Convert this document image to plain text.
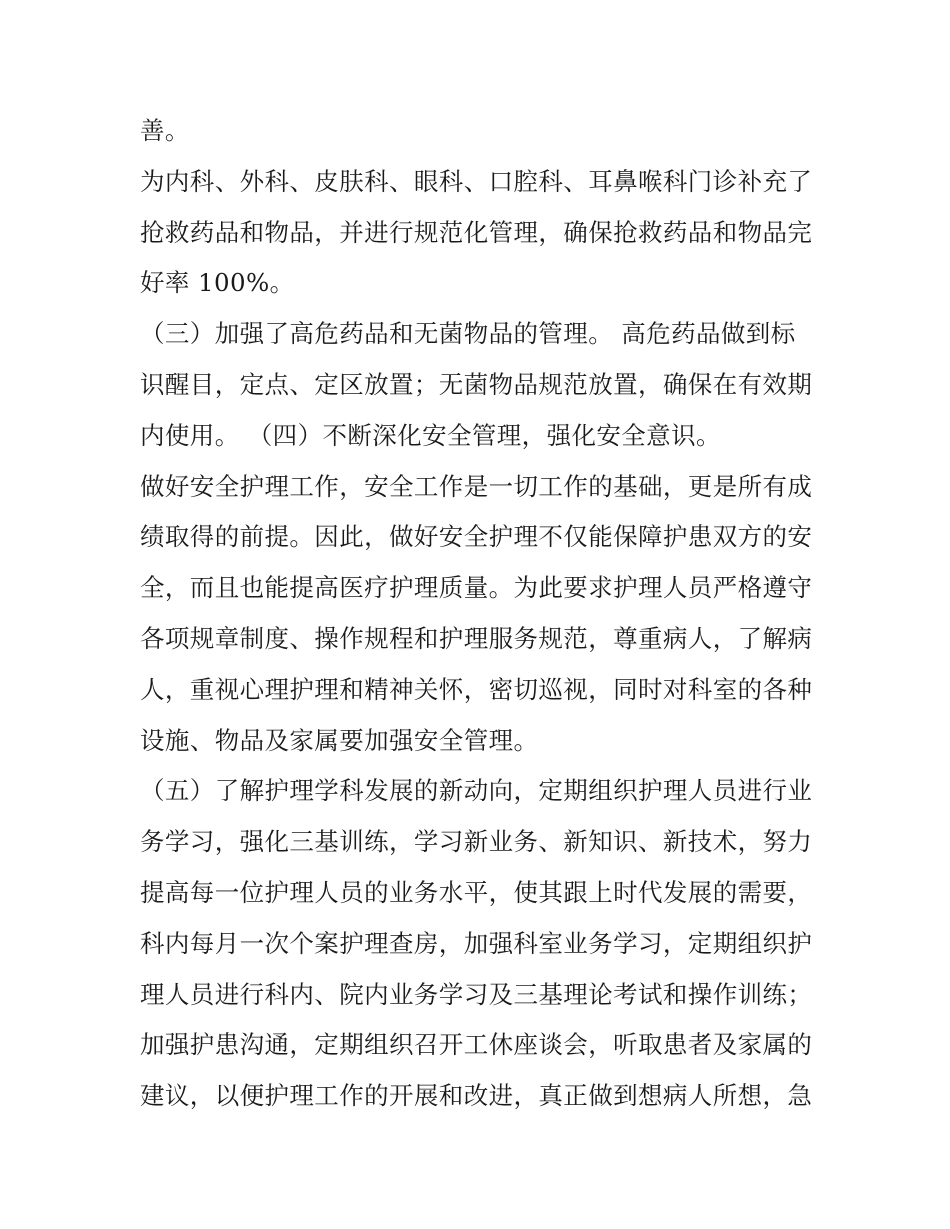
善。
为内科、外科、皮肤科、眼科、口腔科、耳鼻喉科门诊补充了
抢救药品和物品，并进行规范化管理，确保抢救药品和物品完
好率 100%。
（三）加强了高危药品和无菌物品的管理。 高危药品做到标
识醒目，定点、定区放置；无菌物品规范放置，确保在有效期
内使用。 （四）不断深化安全管理，强化安全意识。
做好安全护理工作，安全工作是一切工作的基础，更是所有成
绩取得的前提。因此，做好安全护理不仅能保障护患双方的安
全，而且也能提高医疗护理质量。为此要求护理人员严格遵守
各项规章制度、操作规程和护理服务规范，尊重病人，了解病
人，重视心理护理和精神关怀，密切巡视，同时对科室的各种
设施、物品及家属要加强安全管理。
（五）了解护理学科发展的新动向，定期组织护理人员进行业
务学习，强化三基训练，学习新业务、新知识、新技术，努力
提高每一位护理人员的业务水平，使其跟上时代发展的需要，
科内每月一次个案护理查房，加强科室业务学习，定期组织护
理人员进行科内、院内业务学习及三基理论考试和操作训练；
加强护患沟通，定期组织召开工休座谈会，听取患者及家属的
建议，以便护理工作的开展和改进，真正做到想病人所想，急
